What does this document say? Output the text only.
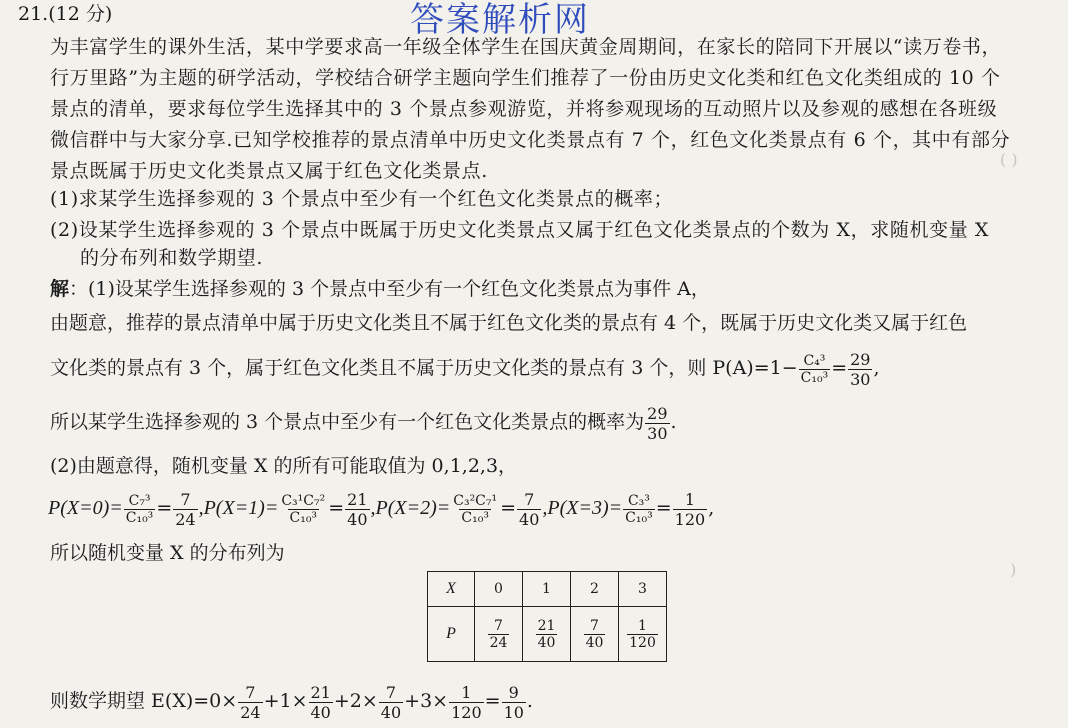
( )
)
答案解析网
21.(12 分)
为丰富学生的课外生活，某中学要求高一年级全体学生在国庆黄金周期间，在家长的陪同下开展以“读万卷书，
行万里路”为主题的研学活动，学校结合研学主题向学生们推荐了一份由历史文化类和红色文化类组成的 10 个
景点的清单，要求每位学生选择其中的 3 个景点参观游览，并将参观现场的互动照片以及参观的感想在各班级
微信群中与大家分享.已知学校推荐的景点清单中历史文化类景点有 7 个，红色文化类景点有 6 个，其中有部分
景点既属于历史文化类景点又属于红色文化类景点.
(1)求某学生选择参观的 3 个景点中至少有一个红色文化类景点的概率；
(2)设某学生选择参观的 3 个景点中既属于历史文化类景点又属于红色文化类景点的个数为 X，求随机变量 X
的分布列和数学期望.
解：(1)设某学生选择参观的 3 个景点中至少有一个红色文化类景点为事件 A，
由题意，推荐的景点清单中属于历史文化类且不属于红色文化类的景点有 4 个，既属于历史文化类又属于红色
文化类的景点有 3 个，属于红色文化类且不属于历史文化类的景点有 3 个，则 $P(A)=1- \frac{\text{C₄³}}{\text{C₁₀³}} = \frac{29}{30}$ ,
所以某学生选择参观的 3 个景点中至少有一个红色文化类景点的概率为 $\frac{29}{30}$ .
(2)由题意得，随机变量 X 的所有可能取值为 0,1,2,3，
$P(X=0)= \frac{\text{C₇³}}{\text{C₁₀³}} = \frac{7}{24} ,P(X=1)= \frac{\text{C₃¹C₇²}}{\text{C₁₀³}} = \frac{21}{40} ,P(X=2)= \frac{\text{C₃²C₇¹}}{\text{C₁₀³}} = \frac{7}{40} ,P(X=3)= \frac{\text{C₃³}}{\text{C₁₀³}} = \frac{1}{120}$ ,
所以随机变量 X 的分布列为
X	0	1	2	3
P	$\frac{7}{24}$	$\frac{21}{40}$	$\frac{7}{40}$	$\frac{1}{120}$
则数学期望 $E(X)=0\times \frac{7}{24} +1\times \frac{21}{40} +2\times \frac{7}{40} +3\times \frac{1}{120} = \frac{9}{10}$ .
